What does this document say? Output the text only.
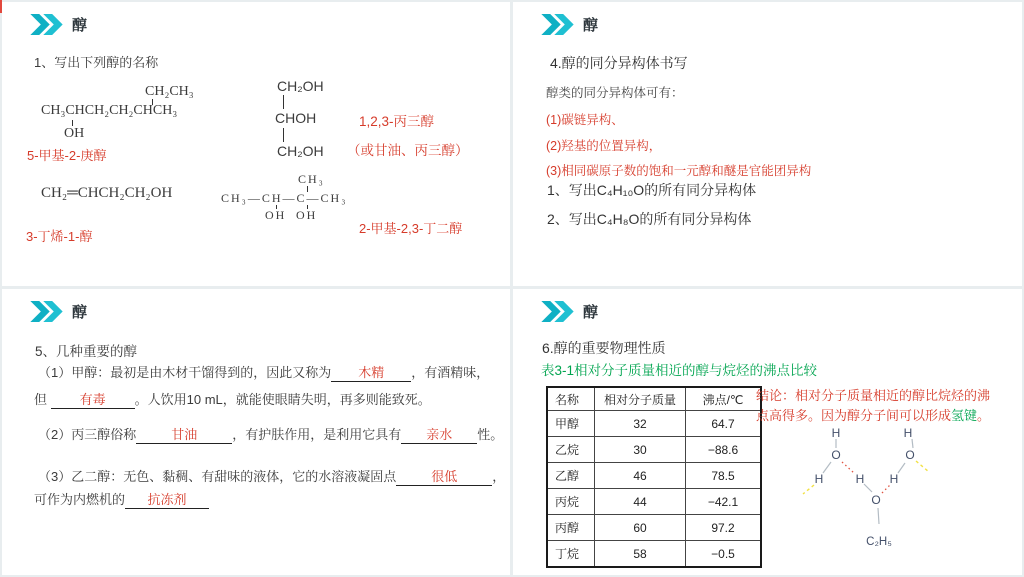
醇
1、写出下列醇的名称
CH₂CH₃
CH₃CHCH₂CH₂CHCH₃
OH
5-甲基-2-庚醇
CH₂OH
CHOH
CH₂OH
1,2,3-丙三醇
（或甘油、丙三醇）
CH₂═CHCH₂CH₂OH
3-丁烯-1-醇
CH₃
CH₃—CH—C—CH₃
OH OH
2-甲基-2,3-丁二醇
醇
4.醇的同分异构体书写
醇类的同分异构体可有：
(1)碳链异构、
(2)羟基的位置异构，
(3)相同碳原子数的饱和一元醇和醚是官能团异构
1、写出C₄H₁₀O的所有同分异构体
2、写出C₄H₈O的所有同分异构体
醇
5、几种重要的醇
（1）甲醇：最初是由木材干馏得到的，因此又称为 木精 ，有酒精味，
但	有毒 。人饮用10 mL，就能使眼睛失明，再多则能致死。
（2）丙三醇俗称	甘油	，有护肤作用，是利用它具有 亲水 性。
（3）乙二醇：无色、黏稠、有甜味的液体，它的水溶液凝固点	很低	，
可作为内燃机的 抗冻剂
醇
6.醇的重要物理性质
表3-1相对分子质量相近的醇与烷烃的沸点比较
名称	相对分子质量	沸点/℃
甲醇	32	64.7
乙烷	30	−88.6
乙醇	46	78.5
丙烷	44	−42.1
丙醇	60	97.2
丁烷	58	−0.5
结论：相对分子质量相近的醇比烷烃的沸点高得多。因为醇分子间可以形成氢键。
H
O
H	H
O
H
O
H
C₂H₅
